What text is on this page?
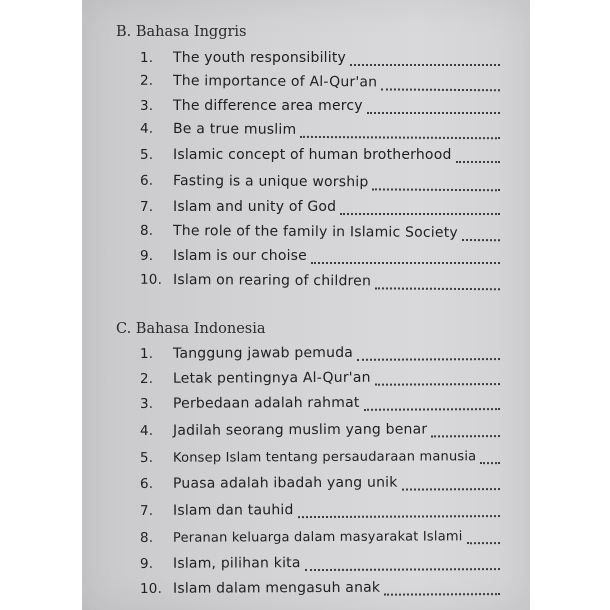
B. Bahasa Inggris
1.	The youth responsibility
2.	The importance of Al-Qur'an
3.	The difference area mercy
4.	Be a true muslim
5.	Islamic concept of human brotherhood
6.	Fasting is a unique worship
7.	Islam and unity of God
8.	The role of the family in Islamic Society
9.	Islam is our choise
10. Islam on rearing of children
C. Bahasa Indonesia
1.	Tanggung jawab pemuda
2.	Letak pentingnya Al-Qur'an
3.	Perbedaan adalah rahmat
4.	Jadilah seorang muslim yang benar
5.	Konsep Islam tentang persaudaraan manusia
6.	Puasa adalah ibadah yang unik
7.	Islam dan tauhid
8.	Peranan keluarga dalam masyarakat Islami
9.	Islam, pilihan kita
10. Islam dalam mengasuh anak
